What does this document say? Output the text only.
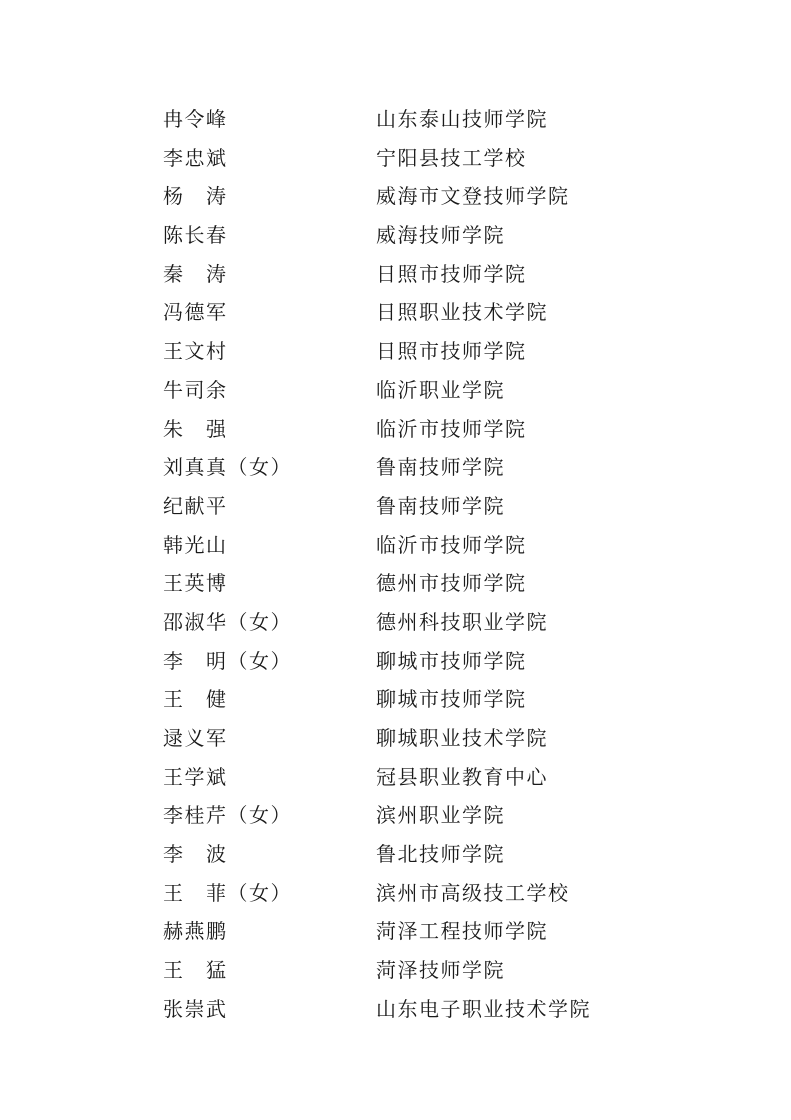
冉令峰	山东泰山技师学院
李忠斌	宁阳县技工学校
杨　涛	威海市文登技师学院
陈长春	威海技师学院
秦　涛	日照市技师学院
冯德军	日照职业技术学院
王文村	日照市技师学院
牛司余	临沂职业学院
朱　强	临沂市技师学院
刘真真（女）	鲁南技师学院
纪献平	鲁南技师学院
韩光山	临沂市技师学院
王英博	德州市技师学院
邵淑华（女）	德州科技职业学院
李　明（女）	聊城市技师学院
王　健	聊城市技师学院
逯义军	聊城职业技术学院
王学斌	冠县职业教育中心
李桂芹（女）	滨州职业学院
李　波	鲁北技师学院
王　菲（女）	滨州市高级技工学校
赫燕鹏	菏泽工程技师学院
王　猛	菏泽技师学院
张崇武	山东电子职业技术学院
